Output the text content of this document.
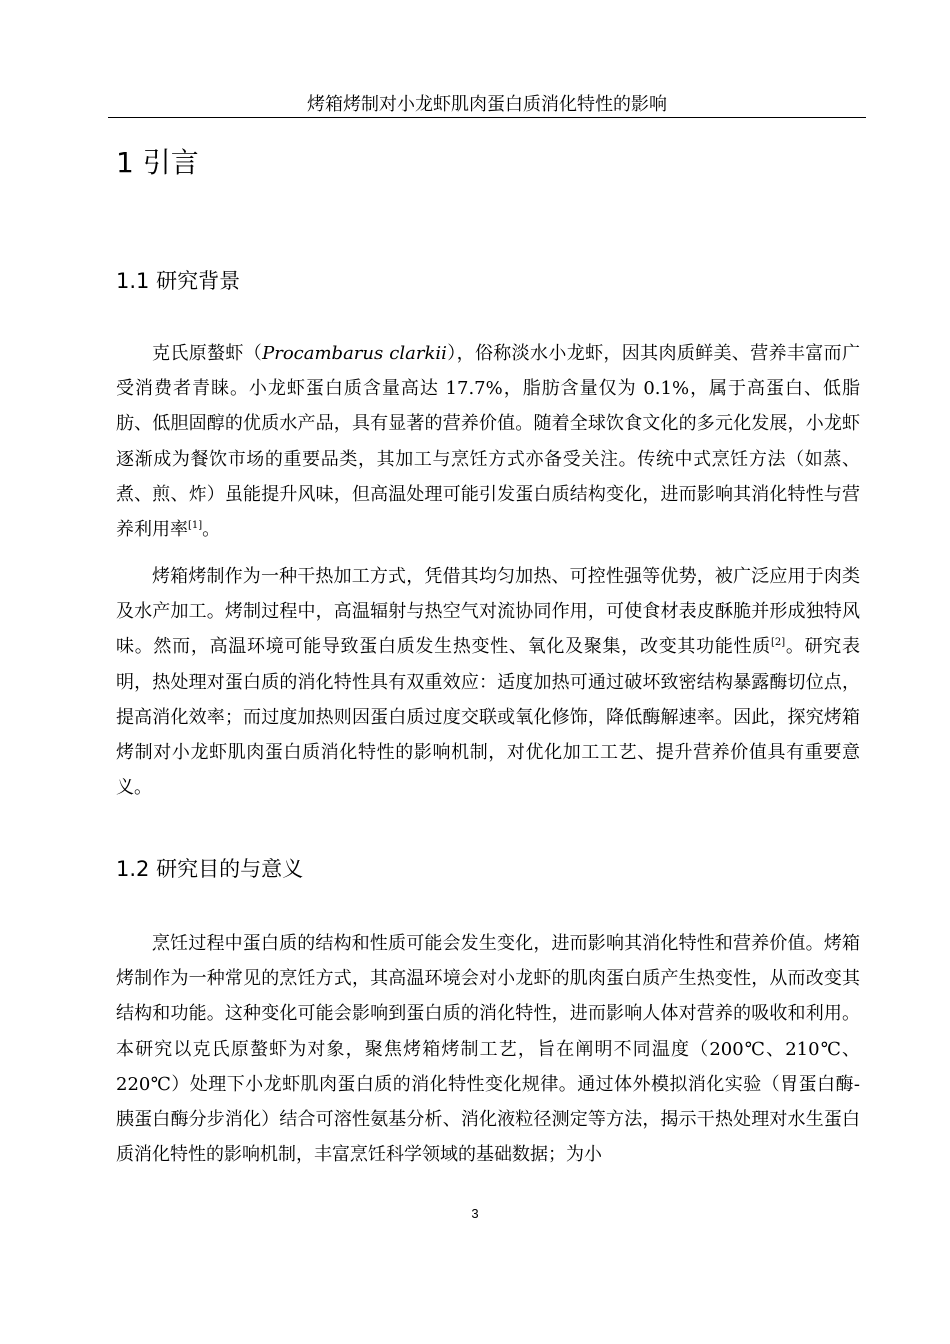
烤箱烤制对小龙虾肌肉蛋白质消化特性的影响
1 引言
1.1 研究背景

克氏原螯虾（Procambarus clarkii），俗称淡水小龙虾，因其肉质鲜美、营养丰富而广受消费者青睐。小龙虾蛋白质含量高达 17.7%，脂肪含量仅为 0.1%，属于高蛋白、低脂肪、低胆固醇的优质水产品，具有显著的营养价值。随着全球饮食文化的多元化发展，小龙虾逐渐成为餐饮市场的重要品类，其加工与烹饪方式亦备受关注。传统中式烹饪方法（如蒸、煮、煎、炸）虽能提升风味，但高温处理可能引发蛋白质结构变化，进而影响其消化特性与营养利用率[1]。

烤箱烤制作为一种干热加工方式，凭借其均匀加热、可控性强等优势，被广泛应用于肉类及水产加工。烤制过程中，高温辐射与热空气对流协同作用，可使食材表皮酥脆并形成独特风味。然而，高温环境可能导致蛋白质发生热变性、氧化及聚集，改变其功能性质[2]。研究表明，热处理对蛋白质的消化特性具有双重效应：适度加热可通过破坏致密结构暴露酶切位点，提高消化效率；而过度加热则因蛋白质过度交联或氧化修饰，降低酶解速率。因此，探究烤箱烤制对小龙虾肌肉蛋白质消化特性的影响机制，对优化加工工艺、提升营养价值具有重要意义。

1.2 研究目的与意义

烹饪过程中蛋白质的结构和性质可能会发生变化，进而影响其消化特性和营养价值。烤箱烤制作为一种常见的烹饪方式，其高温环境会对小龙虾的肌肉蛋白质产生热变性，从而改变其结构和功能。这种变化可能会影响到蛋白质的消化特性，进而影响人体对营养的吸收和利用。本研究以克氏原螯虾为对象，聚焦烤箱烤制工艺，旨在阐明不同温度（200℃、210℃、220℃）处理下小龙虾肌肉蛋白质的消化特性变化规律。通过体外模拟消化实验（胃蛋白酶-胰蛋白酶分步消化）结合可溶性氨基分析、消化液粒径测定等方法，揭示干热处理对水生蛋白质消化特性的影响机制，丰富烹饪科学领域的基础数据；为小

3
